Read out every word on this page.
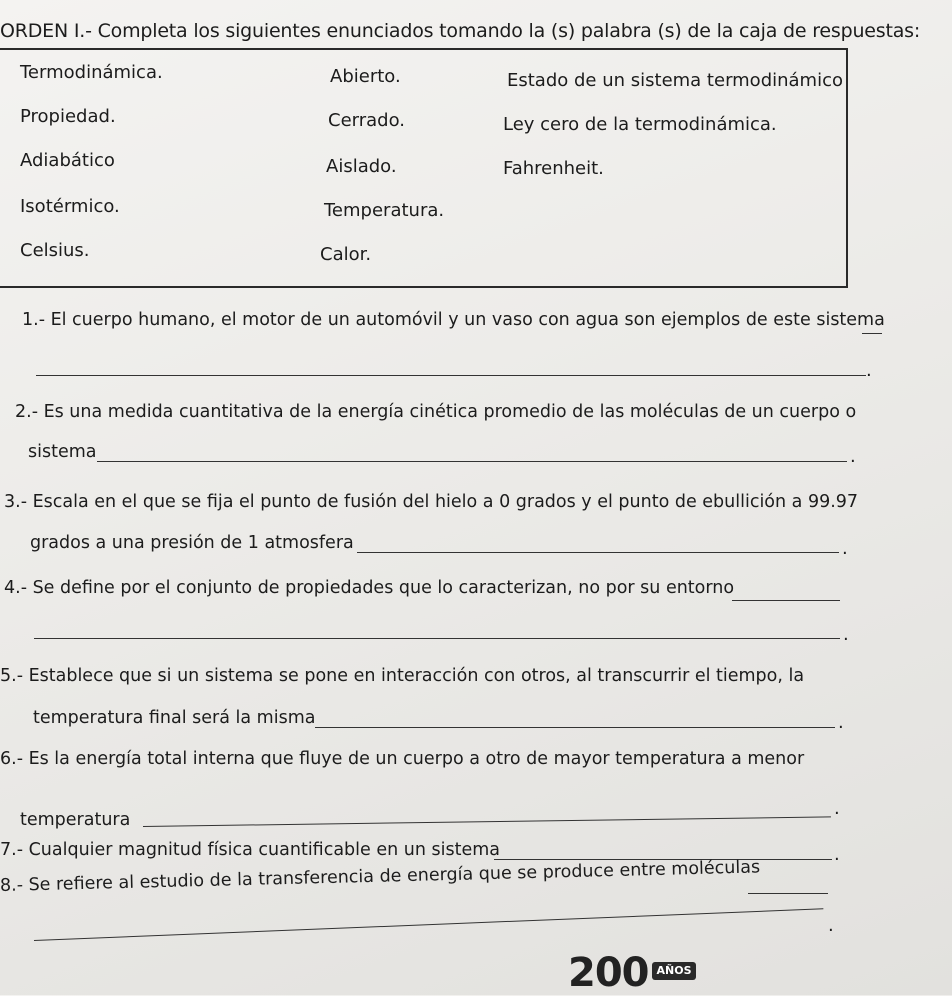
ORDEN I.- Completa los siguientes enunciados tomando la (s) palabra (s) de la caja de respuestas:
Termodinámica.
Propiedad.
Adiabático
Isotérmico.
Celsius.
Abierto.
Cerrado.
Aislado.
Temperatura.
Calor.
Estado de un sistema termodinámico
Ley cero de la termodinámica.
Fahrenheit.
1.- El cuerpo humano, el motor de un automóvil y un vaso con agua son ejemplos de este sistema
.
2.- Es una medida cuantitativa de la energía cinética promedio de las moléculas de un cuerpo o
sistema	.
3.- Escala en el que se fija el punto de fusión del hielo a 0 grados y el punto de ebullición a 99.97
grados a una presión de 1 atmosfera	.
4.- Se define por el conjunto de propiedades que lo caracterizan, no por su entorno
.
5.- Establece que si un sistema se pone en interacción con otros, al transcurrir el tiempo, la
temperatura final será la misma	.
6.- Es la energía total interna que fluye de un cuerpo a otro de mayor temperatura a menor
temperatura
.
7.- Cualquier magnitud física cuantificable en un sistema	.
8.- Se refiere al estudio de la transferencia de energía que se produce entre moléculas
.
200 AÑOS
